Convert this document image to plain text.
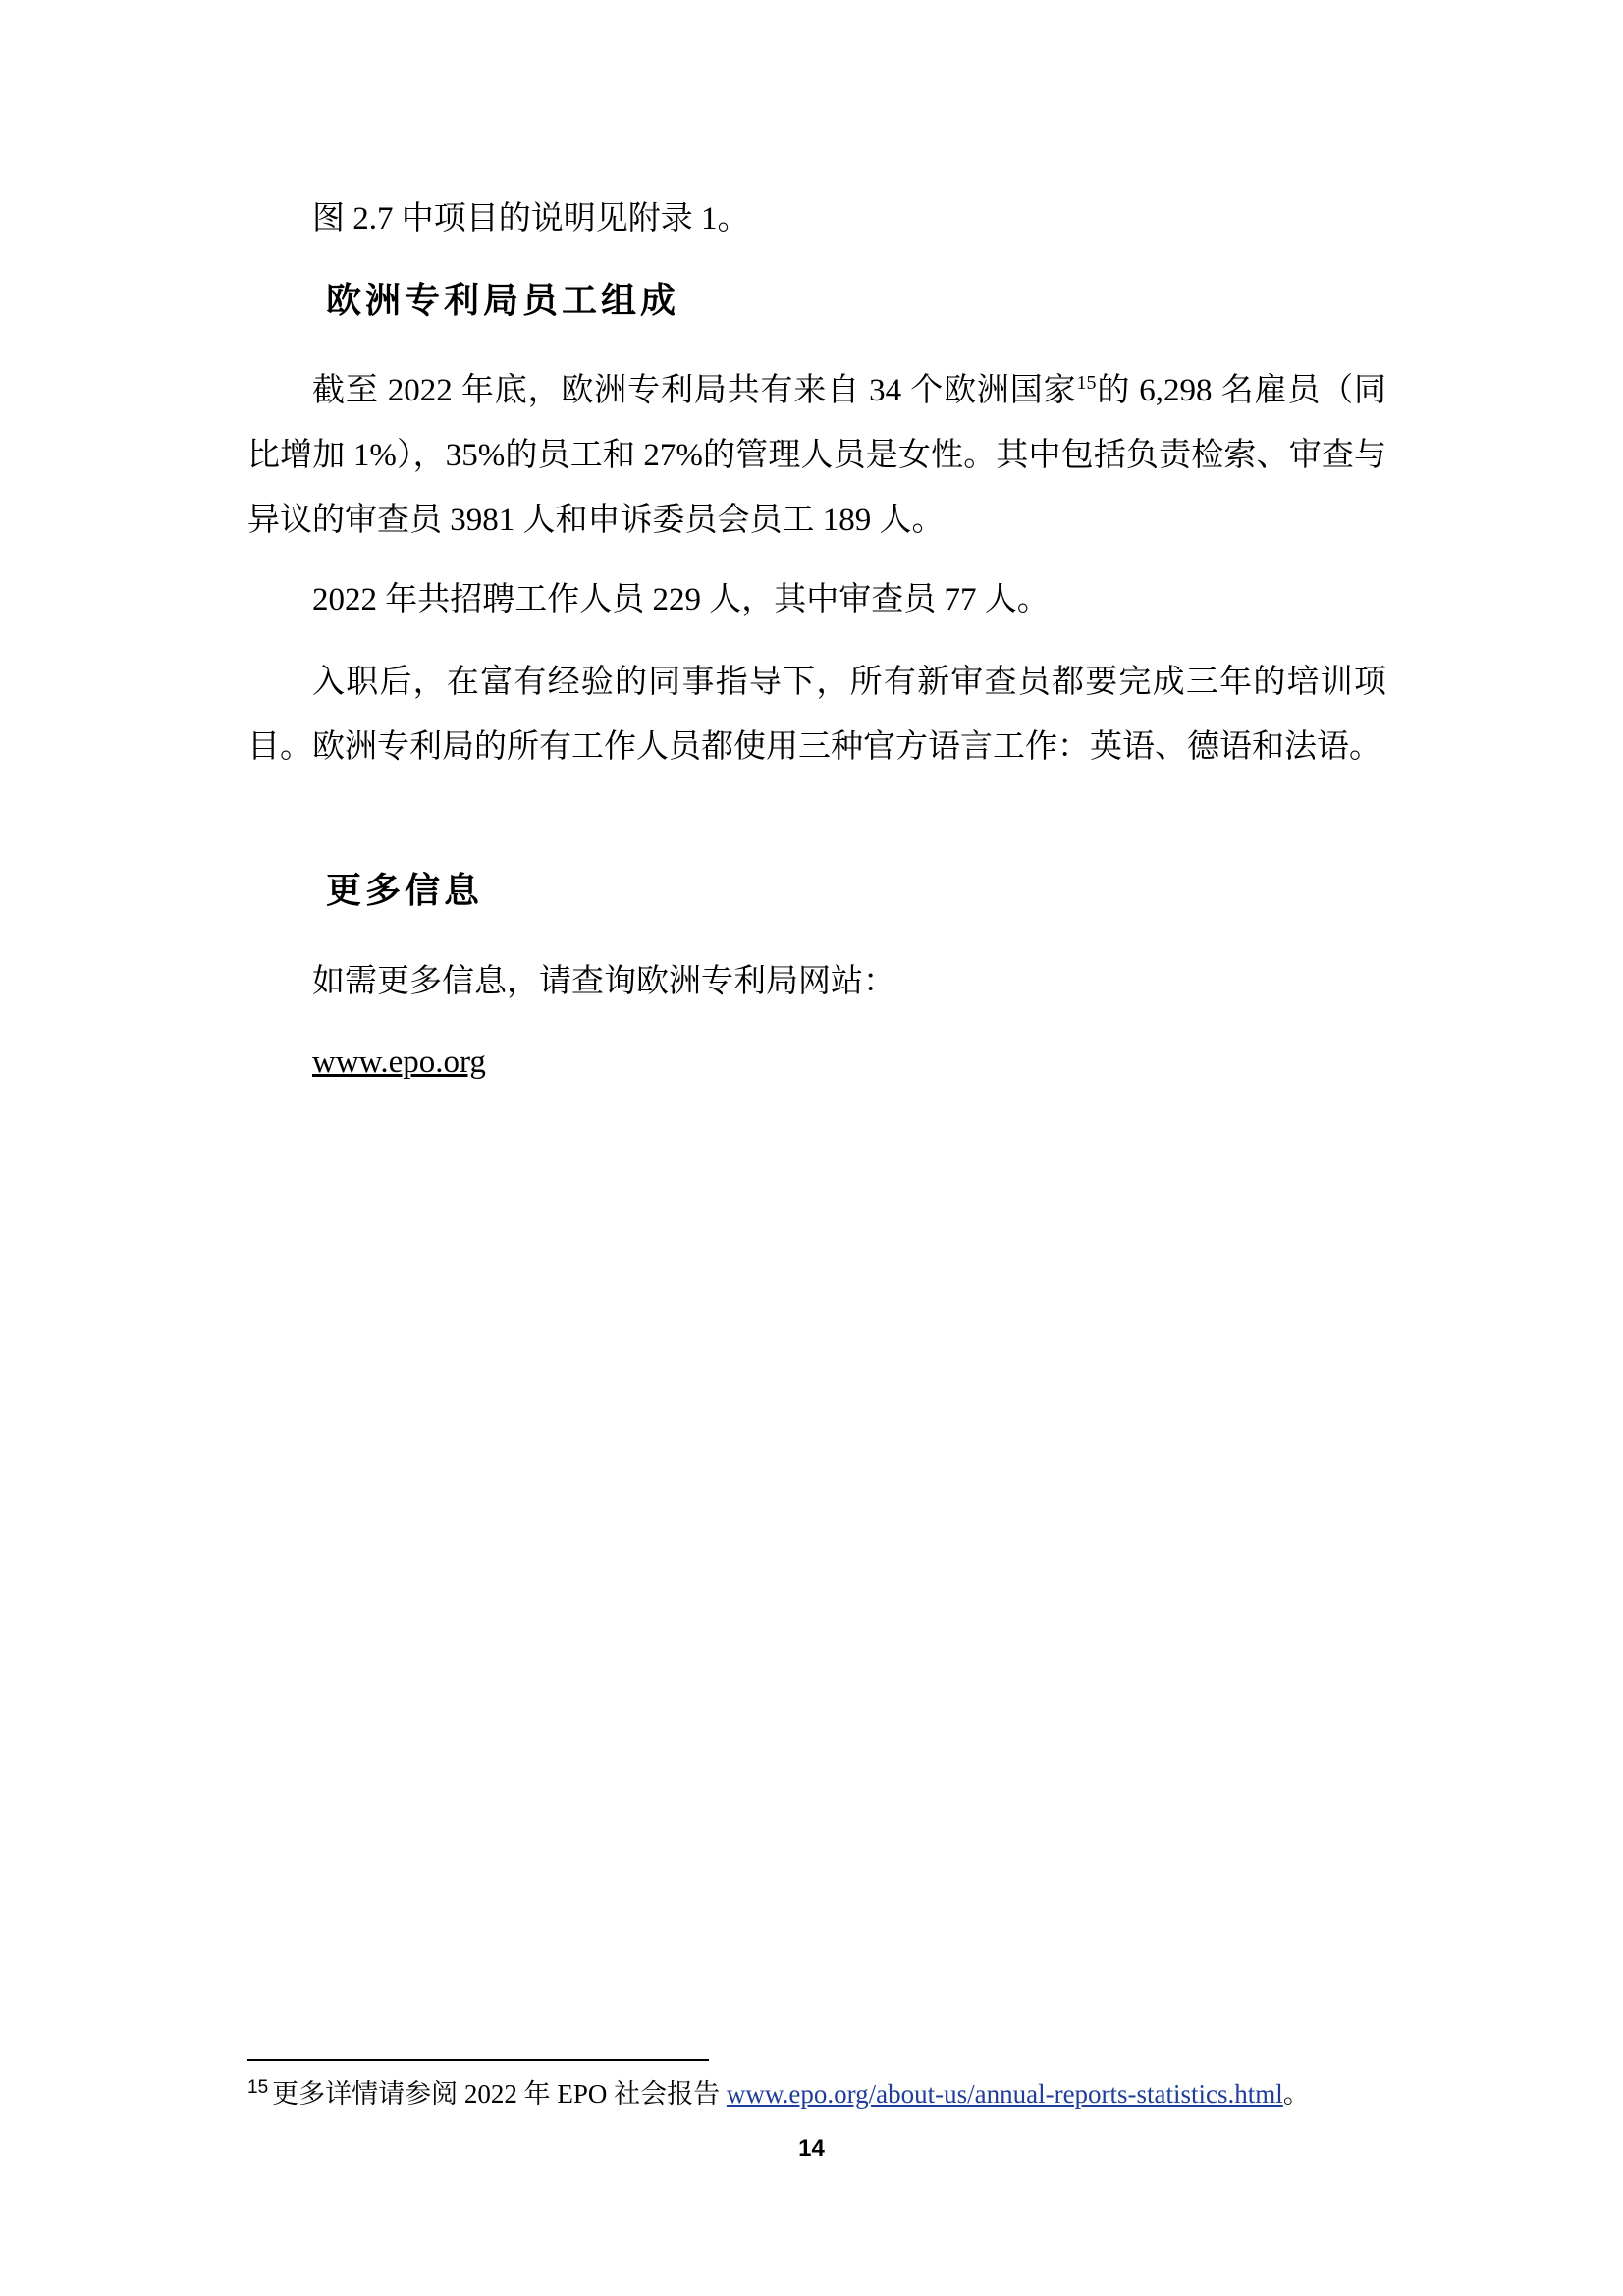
图 2.7 中项目的说明见附录 1。

欧洲专利局员工组成

截至 2022 年底，欧洲专利局共有来自 34 个欧洲国家$^{15}$的 6,298 名雇员（同比增加 1%），35%的员工和 27%的管理人员是女性。其中包括负责检索、审查与异议的审查员 3981 人和申诉委员会员工 189 人。

2022 年共招聘工作人员 229 人，其中审查员 77 人。

入职后，在富有经验的同事指导下，所有新审查员都要完成三年的培训项目。欧洲专利局的所有工作人员都使用三种官方语言工作：英语、德语和法语。

更多信息

如需更多信息，请查询欧洲专利局网站：

www.epo.org

$^{15}$ 更多详情请参阅 2022 年 EPO 社会报告 www.epo.org/about-us/annual-reports-statistics.html。

14
